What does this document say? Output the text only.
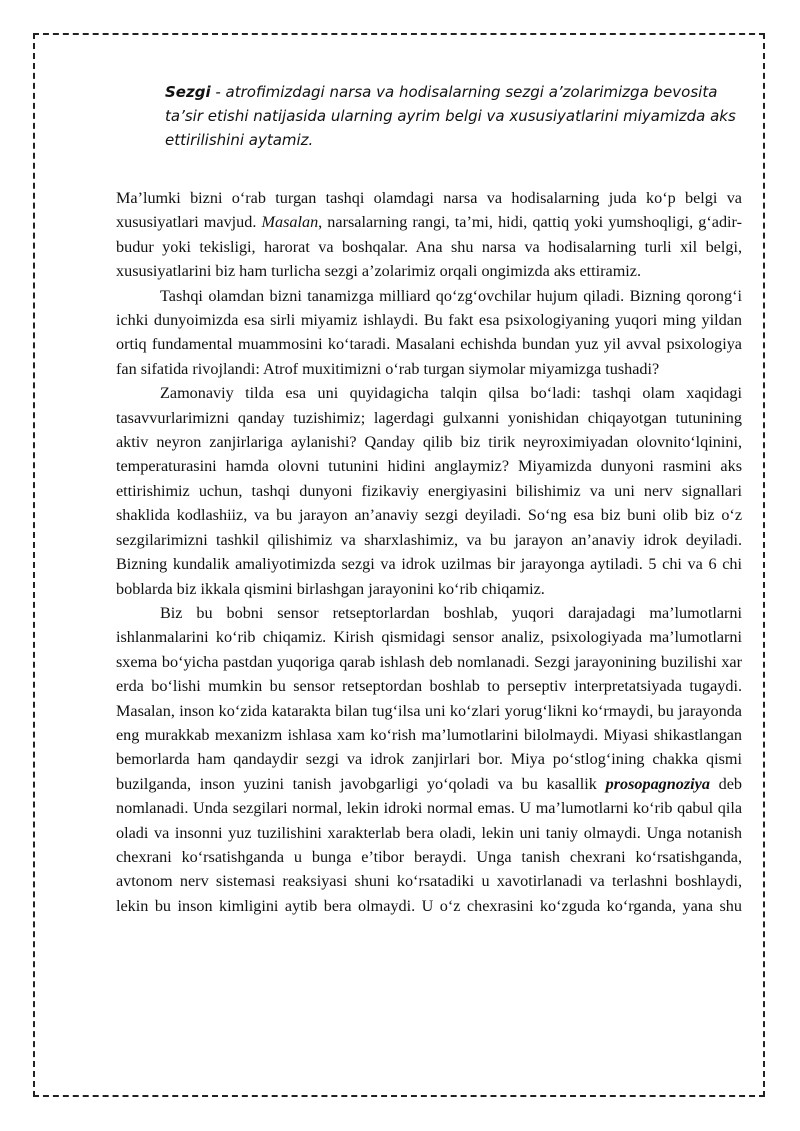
Sezgi - atrofimizdagi narsa va hodisalarning sezgi a’zolarimizga bevosita ta’sir etishi natijasida ularning ayrim belgi va xususiyatlarini miyamizda aks ettirilishini aytamiz.

Ma’lumki bizni o‘rab turgan tashqi olamdagi narsa va hodisalarning juda ko‘p belgi va xususiyatlari mavjud. Masalan, narsalarning rangi, ta’mi, hidi, qattiq yoki yumshoqligi, g‘adir-budur yoki tekisligi, harorat va boshqalar. Ana shu narsa va hodisalarning turli xil belgi, xususiyatlarini biz ham turlicha sezgi a’zolarimiz orqali ongimizda aks ettiramiz.

Tashqi olamdan bizni tanamizga milliard qo‘zg‘ovchilar hujum qiladi. Bizning qorong‘i ichki dunyoimizda esa sirli miyamiz ishlaydi. Bu fakt esa psixologiyaning yuqori ming yildan ortiq fundamental muammosini ko‘taradi. Masalani echishda bundan yuz yil avval psixologiya fan sifatida rivojlandi: Atrof muxitimizni o‘rab turgan siymolar miyamizga tushadi?

Zamonaviy tilda esa uni quyidagicha talqin qilsa bo‘ladi: tashqi olam xaqidagi tasavvurlarimizni qanday tuzishimiz; lagerdagi gulxanni yonishidan chiqayotgan tutunining aktiv neyron zanjirlariga aylanishi? Qanday qilib biz tirik neyroximiyadan olovnito‘lqinini, temperaturasini hamda olovni tutunini hidini anglaymiz? Miyamizda dunyoni rasmini aks ettirishimiz uchun, tashqi dunyoni fizikaviy energiyasini bilishimiz va uni nerv signallari shaklida kodlashiiz, va bu jarayon an’anaviy sezgi deyiladi. So‘ng esa biz buni olib biz o‘z sezgilarimizni tashkil qilishimiz va sharxlashimiz, va bu jarayon an’anaviy idrok deyiladi. Bizning kundalik amaliyotimizda sezgi va idrok uzilmas bir jarayonga aytiladi. 5 chi va 6 chi boblarda biz ikkala qismini birlashgan jarayonini ko‘rib chiqamiz.

Biz bu bobni sensor retseptorlardan boshlab, yuqori darajadagi ma’lumotlarni ishlanmalarini ko‘rib chiqamiz. Kirish qismidagi sensor analiz, psixologiyada ma’lumotlarni sxema bo‘yicha pastdan yuqoriga qarab ishlash deb nomlanadi. Sezgi jarayonining buzilishi xar erda bo‘lishi mumkin bu sensor retseptordan boshlab to perseptiv interpretatsiyada tugaydi. Masalan, inson ko‘zida katarakta bilan tug‘ilsa uni ko‘zlari yorug‘likni ko‘rmaydi, bu jarayonda eng murakkab mexanizm ishlasa xam ko‘rish ma’lumotlarini bilolmaydi. Miyasi shikastlangan bemorlarda ham qandaydir sezgi va idrok zanjirlari bor. Miya po‘stlog‘ining chakka qismi buzilganda, inson yuzini tanish javobgarligi yo‘qoladi va bu kasallik prosopagnoziya deb nomlanadi. Unda sezgilari normal, lekin idroki normal emas. U ma’lumotlarni ko‘rib qabul qila oladi va insonni yuz tuzilishini xarakterlab bera oladi, lekin uni taniy olmaydi. Unga notanish chexrani ko‘rsatishganda u bunga e’tibor beraydi. Unga tanish chexrani ko‘rsatishganda, avtonom nerv sistemasi reaksiyasi shuni ko‘rsatadiki u xavotirlanadi va terlashni boshlaydi, lekin bu inson kimligini aytib bera olmaydi. U o‘z chexrasini ko‘zguda ko‘rganda, yana shu
